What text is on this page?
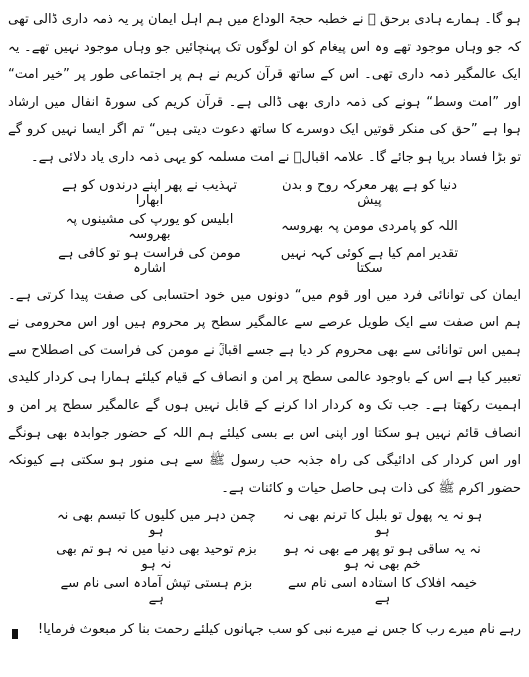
ہو گا۔ ہمارے ہادی برحق ﷺ نے خطبہ حجۃ الوداع میں ہم اہل ایمان پر یہ ذمہ داری ڈالی تھی کہ جو وہاں موجود تھے وہ اس پیغام کو ان لوگوں تک پہنچائیں جو وہاں موجود نہیں تھے۔ یہ ایک عالمگیر ذمہ داری تھی۔ اس کے ساتھ قرآن کریم نے ہم پر اجتماعی طور پر ”خیر امت“ اور ”امت وسط“ ہونے کی ذمہ داری بھی ڈالی ہے۔ قرآن کریم کی سورۃ انفال میں ارشاد ہوا ہے ”حق کی منکر قوتیں ایک دوسرے کا ساتھ دعوت دیتی ہیں“ تم اگر ایسا نہیں کرو گے تو بڑا فساد برپا ہو جائے گا۔ علامہ اقبالؒ نے امت مسلمہ کو یہی ذمہ داری یاد دلائی ہے۔

دنیا کو ہے پھر معرکہ روح و بدن پیش
تہذیب نے پھر اپنے درندوں کو ہے ابھارا
اللہ کو پامردی مومن پہ بھروسہ
ابلیس کو یورپ کی مشینوں پہ بھروسہ
تقدیر امم کیا ہے کوئی کہہ نہیں سکتا
مومن کی فراست ہو تو کافی ہے اشارہ

ایمان کی توانائی فرد میں اور قوم میں“ دونوں میں خود احتسابی کی صفت پیدا کرتی ہے۔ ہم اس صفت سے ایک طویل عرصے سے عالمگیر سطح پر محروم ہیں اور اس محرومی نے ہمیں اس توانائی سے بھی محروم کر دیا ہے جسے اقبالؒ نے مومن کی فراست کی اصطلاح سے تعبیر کیا ہے اس کے باوجود عالمی سطح پر امن و انصاف کے قیام کیلئے ہمارا ہی کردار کلیدی اہمیت رکھتا ہے۔ جب تک وہ کردار ادا کرنے کے قابل نہیں ہوں گے عالمگیر سطح پر امن و انصاف قائم نہیں ہو سکتا اور اپنی اس بے بسی کیلئے ہم اللہ کے حضور جوابدہ بھی ہونگے اور اس کردار کی ادائیگی کی راہ جذبہ حب رسول ﷺ سے ہی منور ہو سکتی ہے کیونکہ حضور اکرم ﷺ کی ذات ہی حاصل حیات و کائنات ہے۔

ہو نہ یہ پھول تو بلبل کا ترنم بھی نہ ہو
چمن دہر میں کلیوں کا تبسم بھی نہ ہو
نہ یہ ساقی ہو تو پھر مے بھی نہ ہو خم بھی نہ ہو
بزم توحید بھی دنیا میں نہ ہو تم بھی نہ ہو
خیمہ افلاک کا استادہ اسی نام سے ہے
بزم ہستی تپش آمادہ اسی نام سے ہے

رہے نام میرے رب کا جس نے میرے نبی کو سب جہانوں کیلئے رحمت بنا کر مبعوث فرمایا!
